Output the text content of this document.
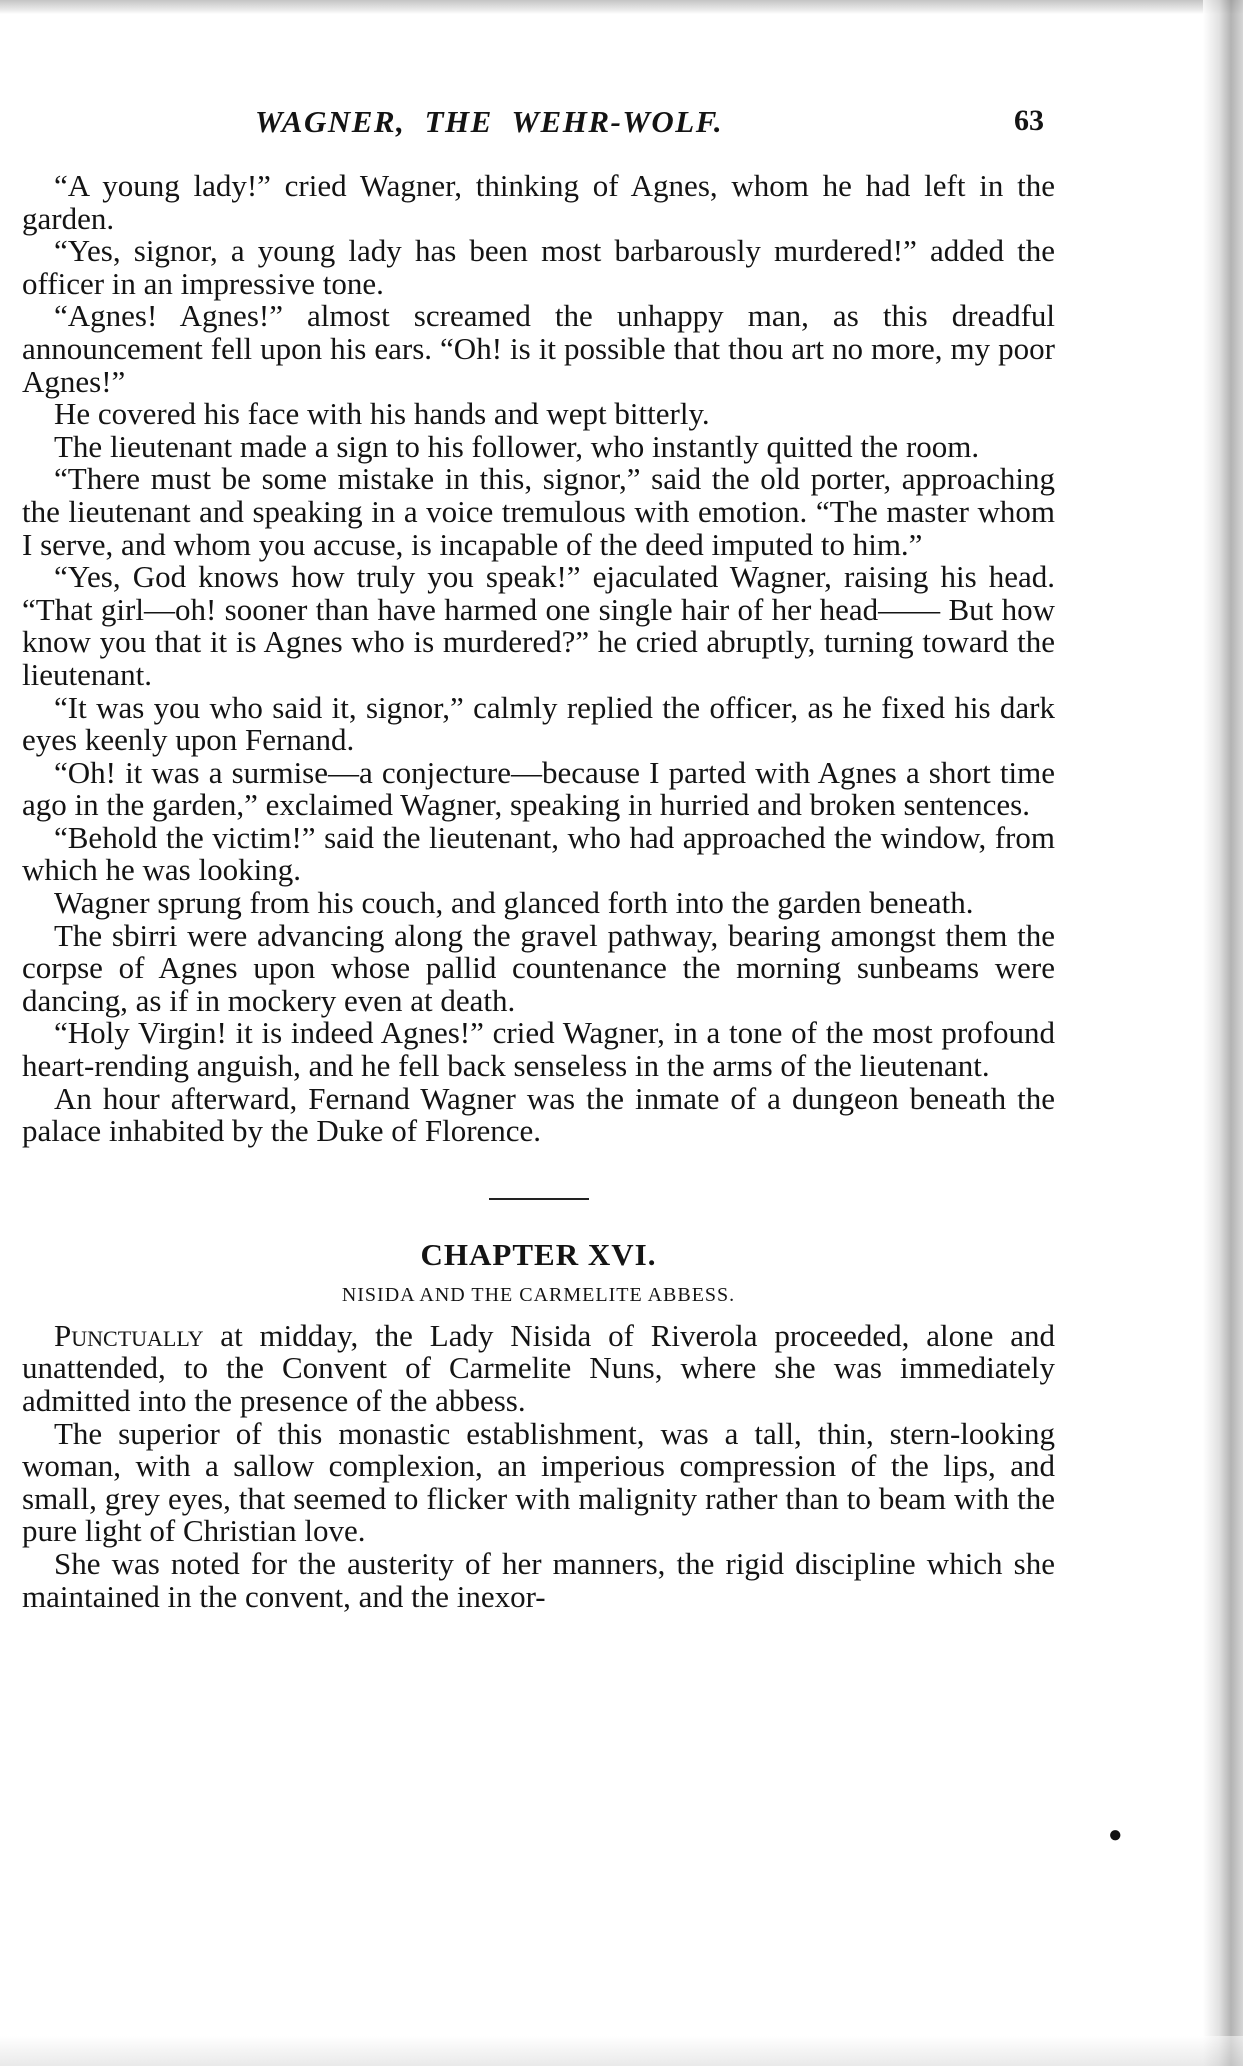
WAGNER, THE WEHR-WOLF.	63

“A young lady!” cried Wagner, thinking of Agnes, whom he had left in the garden.

“Yes, signor, a young lady has been most barbarously murdered!” added the officer in an impressive tone.

“Agnes! Agnes!” almost screamed the unhappy man, as this dreadful announcement fell upon his ears. “Oh! is it possible that thou art no more, my poor Agnes!”

He covered his face with his hands and wept bitterly.

The lieutenant made a sign to his follower, who instantly quitted the room.

“There must be some mistake in this, signor,” said the old porter, approaching the lieutenant and speaking in a voice tremulous with emotion. “The master whom I serve, and whom you accuse, is incapable of the deed imputed to him.”

“Yes, God knows how truly you speak!” ejaculated Wagner, raising his head. “That girl—oh! sooner than have harmed one single hair of her head—— But how know you that it is Agnes who is murdered?” he cried abruptly, turning toward the lieutenant.

“It was you who said it, signor,” calmly replied the officer, as he fixed his dark eyes keenly upon Fernand.

“Oh! it was a surmise—a conjecture—because I parted with Agnes a short time ago in the garden,” exclaimed Wagner, speaking in hurried and broken sentences.

“Behold the victim!” said the lieutenant, who had approached the window, from which he was looking.

Wagner sprung from his couch, and glanced forth into the garden beneath.

The sbirri were advancing along the gravel pathway, bearing amongst them the corpse of Agnes upon whose pallid countenance the morning sunbeams were dancing, as if in mockery even at death.

“Holy Virgin! it is indeed Agnes!” cried Wagner, in a tone of the most profound heart-rending anguish, and he fell back senseless in the arms of the lieutenant.

An hour afterward, Fernand Wagner was the inmate of a dungeon beneath the palace inhabited by the Duke of Florence.

CHAPTER XVI.
NISIDA AND THE CARMELITE ABBESS.

Punctually at midday, the Lady Nisida of Riverola proceeded, alone and unattended, to the Convent of Carmelite Nuns, where she was immediately admitted into the presence of the abbess.

The superior of this monastic establishment, was a tall, thin, stern-looking woman, with a sallow complexion, an imperious compression of the lips, and small, grey eyes, that seemed to flicker with malignity rather than to beam with the pure light of Christian love.

She was noted for the austerity of her manners, the rigid discipline which she maintained in the convent, and the inexor-

●
